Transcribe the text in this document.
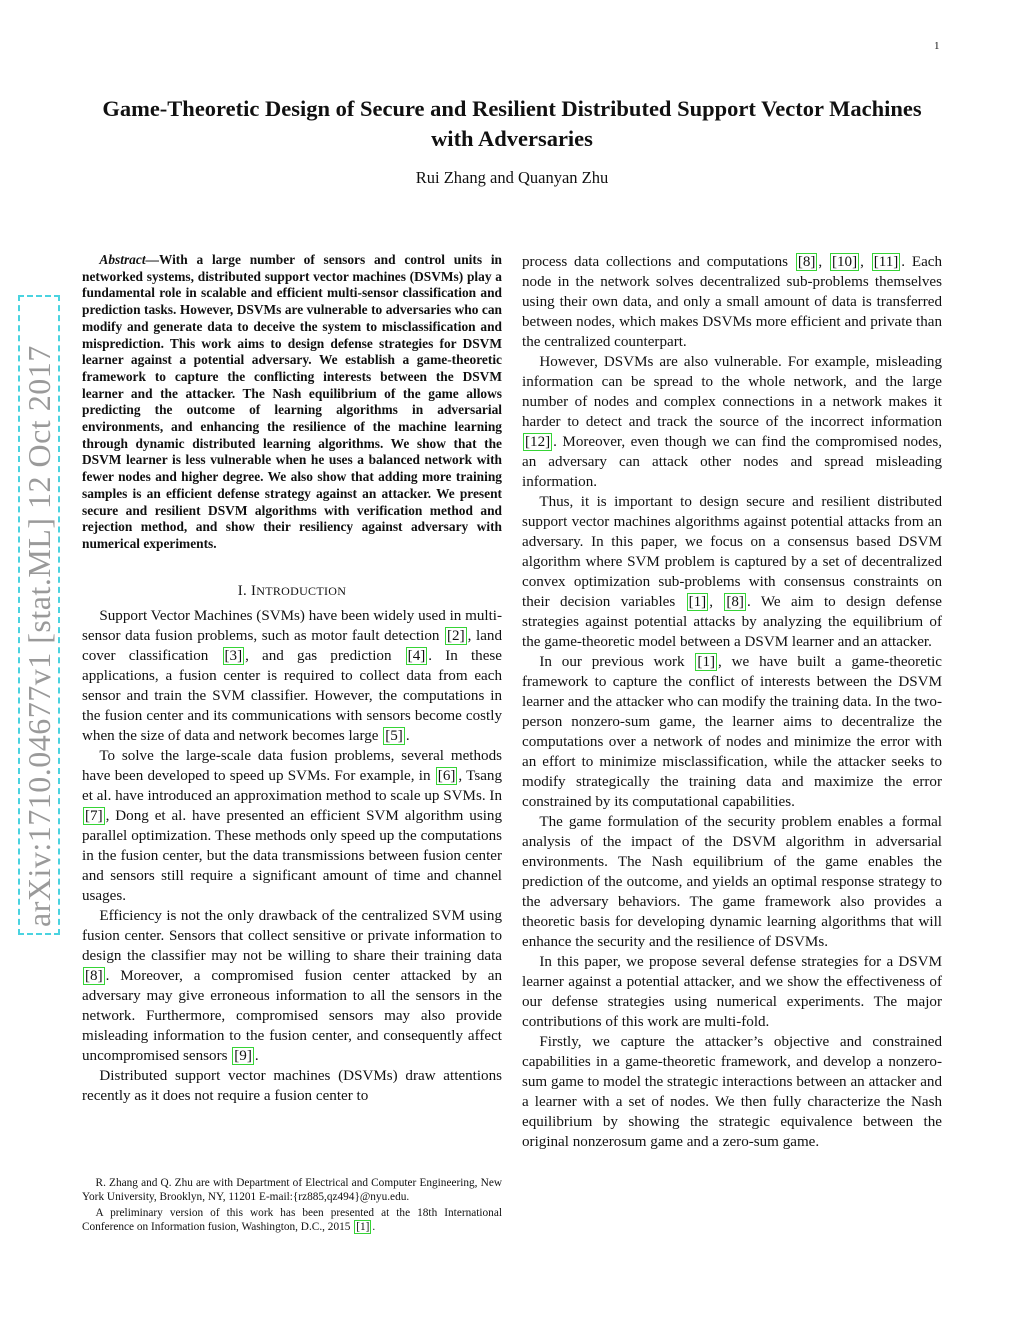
1
arXiv:1710.04677v1 [stat.ML] 12 Oct 2017
Game-Theoretic Design of Secure and Resilient Distributed Support Vector Machines
with Adversaries
Rui Zhang and Quanyan Zhu

Abstract—With a large number of sensors and control units in networked systems, distributed support vector machines (DSVMs) play a fundamental role in scalable and efficient multi-sensor classification and prediction tasks. However, DSVMs are vulnerable to adversaries who can modify and generate data to deceive the system to misclassification and misprediction. This work aims to design defense strategies for DSVM learner against a potential adversary. We establish a game-theoretic framework to capture the conflicting interests between the DSVM learner and the attacker. The Nash equilibrium of the game allows predicting the outcome of learning algorithms in adversarial environments, and enhancing the resilience of the machine learning through dynamic distributed learning algorithms. We show that the DSVM learner is less vulnerable when he uses a balanced network with fewer nodes and higher degree. We also show that adding more training samples is an efficient defense strategy against an attacker. We present secure and resilient DSVM algorithms with verification method and rejection method, and show their resiliency against adversary with numerical experiments.

I. INTRODUCTION

Support Vector Machines (SVMs) have been widely used in multi-sensor data fusion problems, such as motor fault detection [2] , land cover classification [3] , and gas prediction [4] . In these applications, a fusion center is required to collect data from each sensor and train the SVM classifier. However, the computations in the fusion center and its communications with sensors become costly when the size of data and network becomes large [5] .

To solve the large-scale data fusion problems, several methods have been developed to speed up SVMs. For example, in [6] , Tsang et al. have introduced an approximation method to scale up SVMs. In [7] , Dong et al. have presented an efficient SVM algorithm using parallel optimization. These methods only speed up the computations in the fusion center, but the data transmissions between fusion center and sensors still require a significant amount of time and channel usages.

Efficiency is not the only drawback of the centralized SVM using fusion center. Sensors that collect sensitive or private information to design the classifier may not be willing to share their training data [8] . Moreover, a compromised fusion center attacked by an adversary may give erroneous information to all the sensors in the network. Furthermore, compromised sensors may also provide misleading information to the fusion center, and consequently affect uncompromised sensors [9] .

Distributed support vector machines (DSVMs) draw attentions recently as it does not require a fusion center to

R. Zhang and Q. Zhu are with Department of Electrical and Computer Engineering, New York University, Brooklyn, NY, 11201 E-mail:{rz885,qz494}@nyu.edu.

A preliminary version of this work has been presented at the 18th International Conference on Information fusion, Washington, D.C., 2015 [1] .

process data collections and computations [8] , [10] , [11] . Each node in the network solves decentralized sub-problems themselves using their own data, and only a small amount of data is transferred between nodes, which makes DSVMs more efficient and private than the centralized counterpart.

However, DSVMs are also vulnerable. For example, misleading information can be spread to the whole network, and the large number of nodes and complex connections in a network makes it harder to detect and track the source of the incorrect information [12] . Moreover, even though we can find the compromised nodes, an adversary can attack other nodes and spread misleading information.

Thus, it is important to design secure and resilient distributed support vector machines algorithms against potential attacks from an adversary. In this paper, we focus on a consensus based DSVM algorithm where SVM problem is captured by a set of decentralized convex optimization sub-problems with consensus constraints on their decision variables [1] , [8] . We aim to design defense strategies against potential attacks by analyzing the equilibrium of the game-theoretic model between a DSVM learner and an attacker.

In our previous work [1] , we have built a game-theoretic framework to capture the conflict of interests between the DSVM learner and the attacker who can modify the training data. In the two-person nonzero-sum game, the learner aims to decentralize the computations over a network of nodes and minimize the error with an effort to minimize misclassification, while the attacker seeks to modify strategically the training data and maximize the error constrained by its computational capabilities.

The game formulation of the security problem enables a formal analysis of the impact of the DSVM algorithm in adversarial environments. The Nash equilibrium of the game enables the prediction of the outcome, and yields an optimal response strategy to the adversary behaviors. The game framework also provides a theoretic basis for developing dynamic learning algorithms that will enhance the security and the resilience of DSVMs.

In this paper, we propose several defense strategies for a DSVM learner against a potential attacker, and we show the effectiveness of our defense strategies using numerical experiments. The major contributions of this work are multi-fold.

Firstly, we capture the attacker’s objective and constrained capabilities in a game-theoretic framework, and develop a nonzero-sum game to model the strategic interactions between an attacker and a learner with a set of nodes. We then fully characterize the Nash equilibrium by showing the strategic equivalence between the original nonzerosum game and a zero-sum game.
